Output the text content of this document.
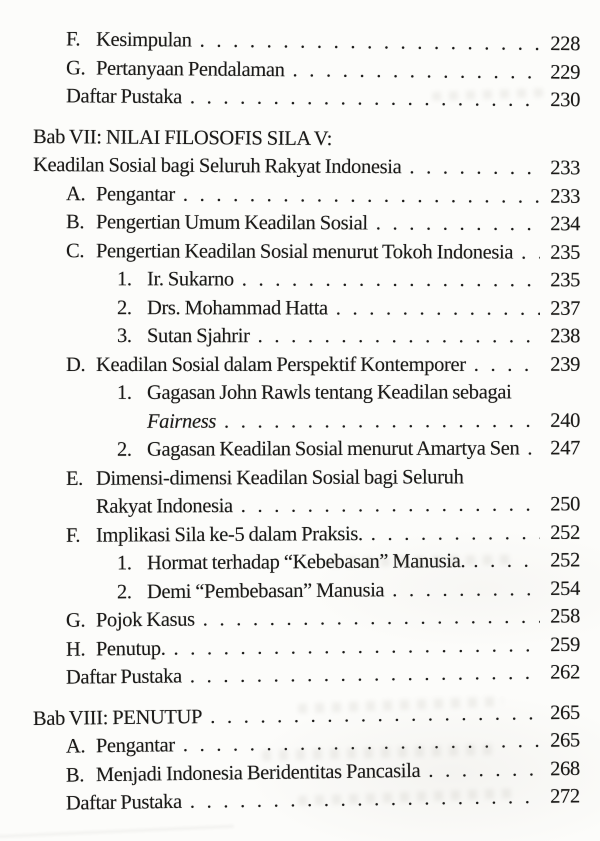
F. Kesimpulan . . .	228
G. Pertanyaan Pendalaman . . .	229
Daftar Pustaka . . .	230
Bab VII: NILAI FILOSOFIS SILA V:
Keadilan Sosial bagi Seluruh Rakyat Indonesia . . .	233
A. Pengantar . . .	233
B. Pengertian Umum Keadilan Sosial . . .	234
C. Pengertian Keadilan Sosial menurut Tokoh Indonesia . . .	235
1. Ir. Sukarno . . .	235
2. Drs. Mohammad Hatta . . .	237
3. Sutan Sjahrir . . .	238
D. Keadilan Sosial dalam Perspektif Kontemporer . . .	239
1. Gagasan John Rawls tentang Keadilan sebagai
Fairness . . .	240
2. Gagasan Keadilan Sosial menurut Amartya Sen . . .	247
E. Dimensi-dimensi Keadilan Sosial bagi Seluruh
Rakyat Indonesia . . .	250
F. Implikasi Sila ke-5 dalam Praksis. . . .	252
1. Hormat terhadap “Kebebasan” Manusia. . . .	252
2. Demi “Pembebasan” Manusia . . .	254
G. Pojok Kasus . . .	258
H. Penutup. . . .	259
Daftar Pustaka . . .	262
Bab VIII: PENUTUP . . .	265
A. Pengantar . . .	265
B. Menjadi Indonesia Beridentitas Pancasila . . .	268
Daftar Pustaka . . .	272
